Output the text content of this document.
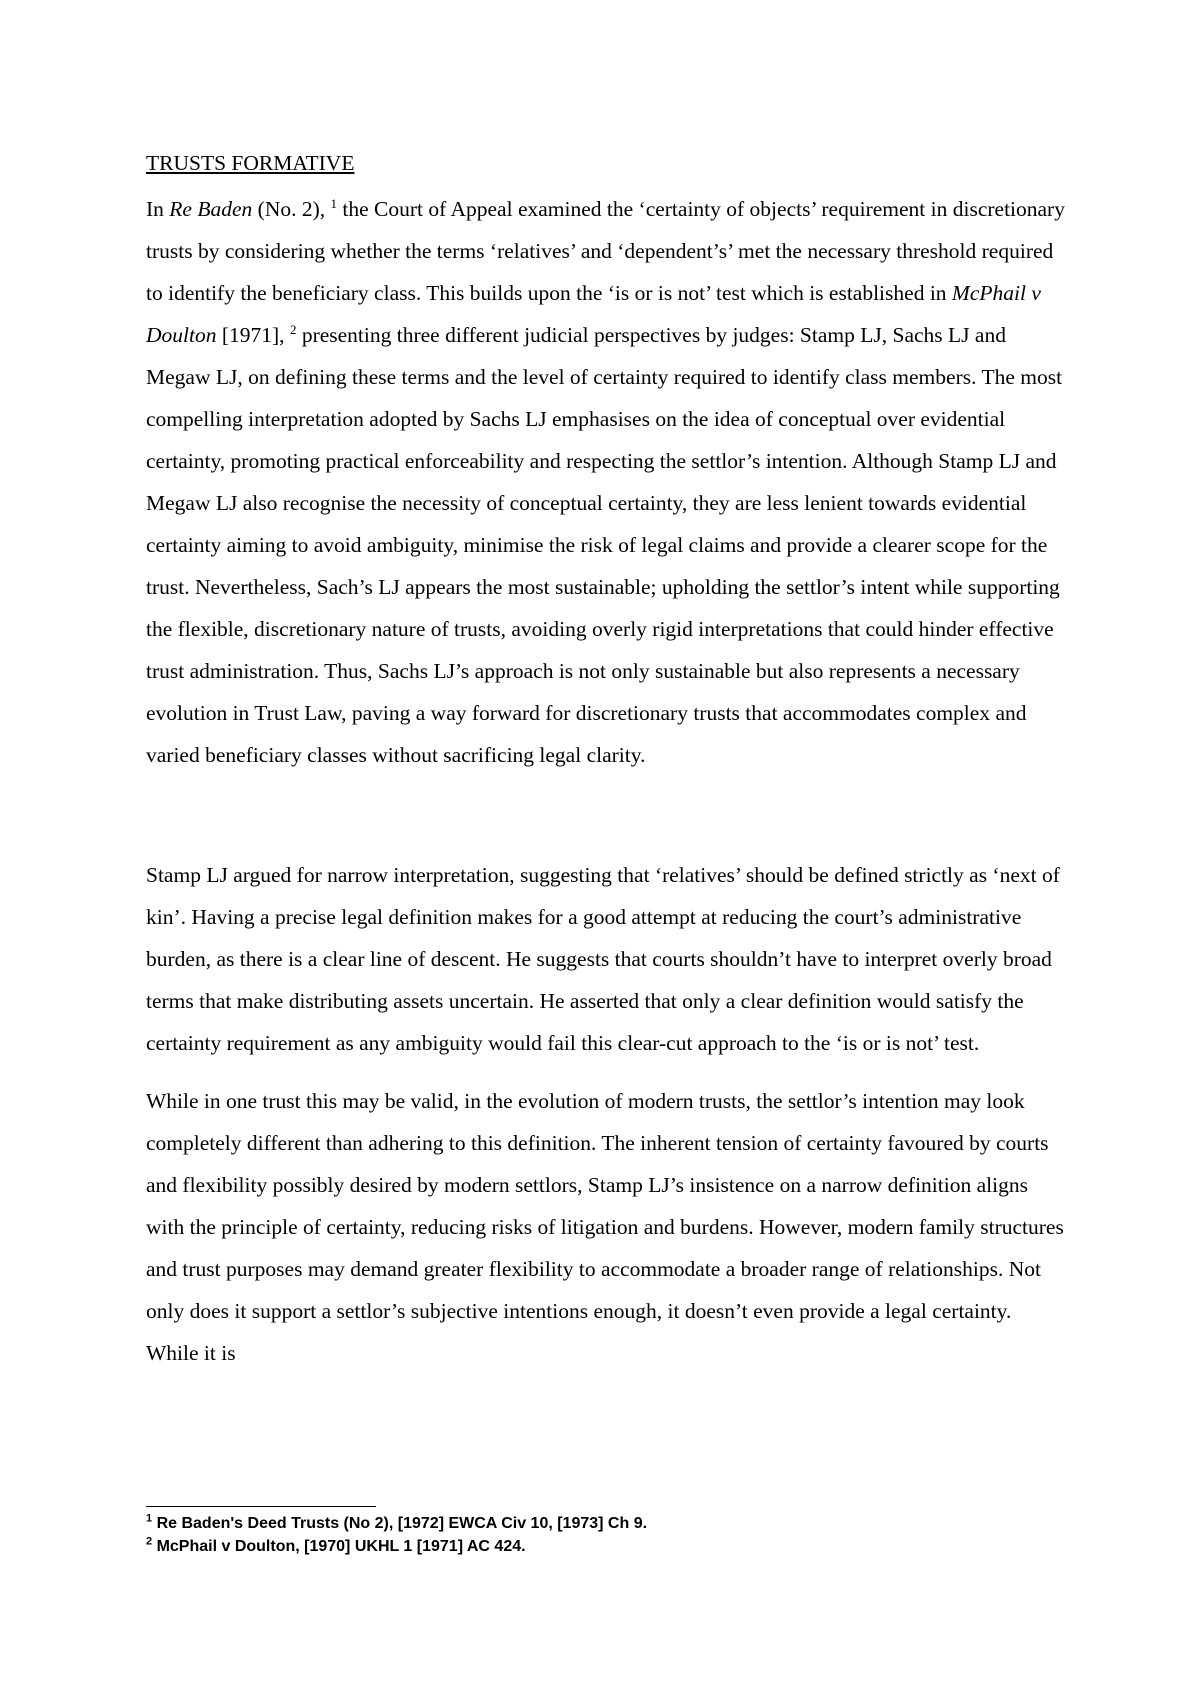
TRUSTS FORMATIVE

In Re Baden (No. 2), $^1$ the Court of Appeal examined the ‘certainty of objects’ requirement in discretionary trusts by considering whether the terms ‘relatives’ and ‘dependent’s’ met the necessary threshold required to identify the beneficiary class. This builds upon the ‘is or is not’ test which is established in McPhail v Doulton [1971], $^2$ presenting three different judicial perspectives by judges: Stamp LJ, Sachs LJ and Megaw LJ, on defining these terms and the level of certainty required to identify class members. The most compelling interpretation adopted by Sachs LJ emphasises on the idea of conceptual over evidential certainty, promoting practical enforceability and respecting the settlor’s intention. Although Stamp LJ and Megaw LJ also recognise the necessity of conceptual certainty, they are less lenient towards evidential certainty aiming to avoid ambiguity, minimise the risk of legal claims and provide a clearer scope for the trust. Nevertheless, Sach’s LJ appears the most sustainable; upholding the settlor’s intent while supporting the flexible, discretionary nature of trusts, avoiding overly rigid interpretations that could hinder effective trust administration. Thus, Sachs LJ’s approach is not only sustainable but also represents a necessary evolution in Trust Law, paving a way forward for discretionary trusts that accommodates complex and varied beneficiary classes without sacrificing legal clarity.

Stamp LJ argued for narrow interpretation, suggesting that ‘relatives’ should be defined strictly as ‘next of kin’. Having a precise legal definition makes for a good attempt at reducing the court’s administrative burden, as there is a clear line of descent. He suggests that courts shouldn’t have to interpret overly broad terms that make distributing assets uncertain. He asserted that only a clear definition would satisfy the certainty requirement as any ambiguity would fail this clear-cut approach to the ‘is or is not’ test.

While in one trust this may be valid, in the evolution of modern trusts, the settlor’s intention may look completely different than adhering to this definition. The inherent tension of certainty favoured by courts and flexibility possibly desired by modern settlors, Stamp LJ’s insistence on a narrow definition aligns with the principle of certainty, reducing risks of litigation and burdens. However, modern family structures and trust purposes may demand greater flexibility to accommodate a broader range of relationships. Not only does it support a settlor’s subjective intentions enough, it doesn’t even provide a legal certainty. While it is

$^1$ Re Baden's Deed Trusts (No 2), [1972] EWCA Civ 10, [1973] Ch 9.
$^2$ McPhail v Doulton, [1970] UKHL 1 [1971] AC 424.
